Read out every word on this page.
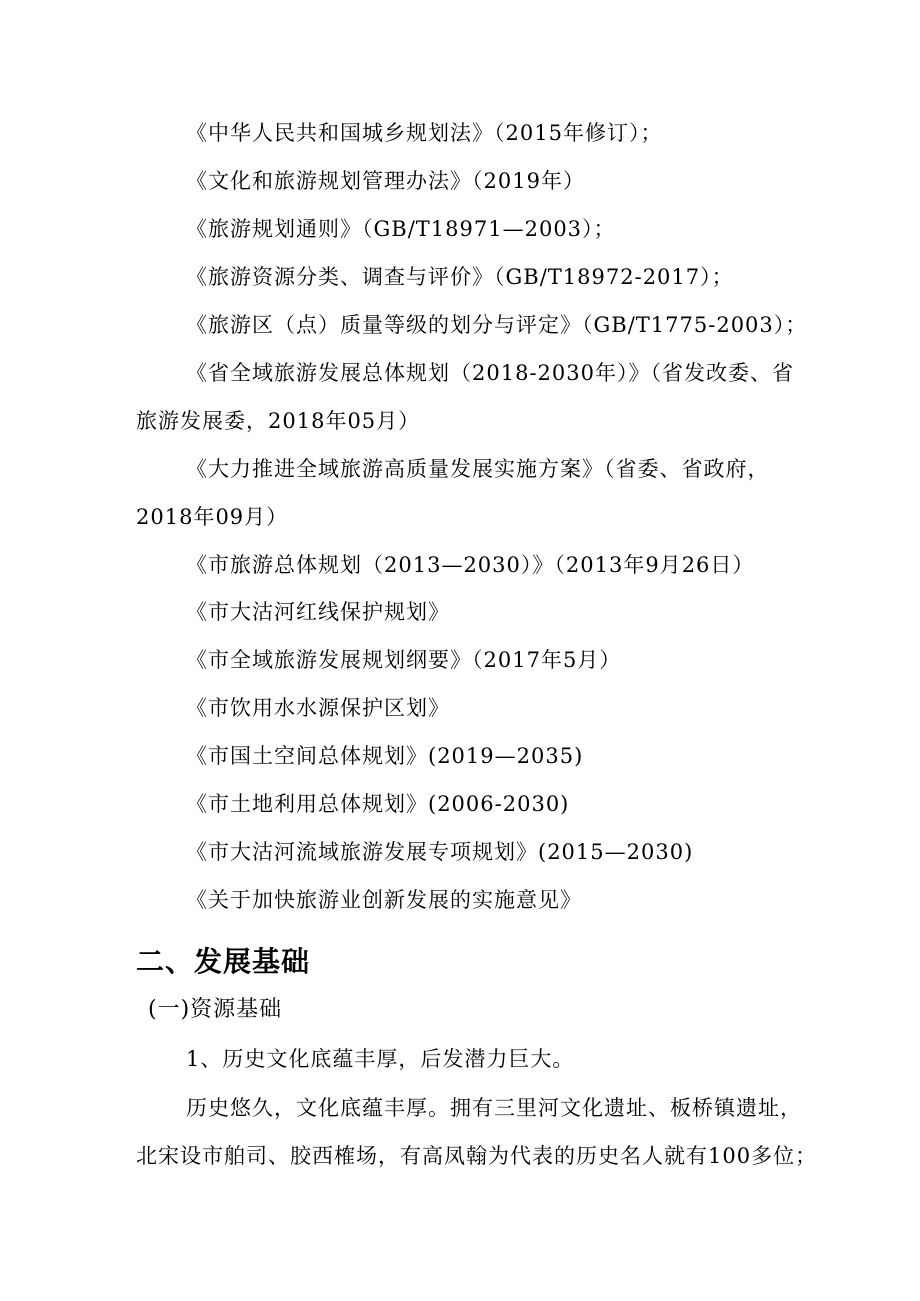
《中华人民共和国城乡规划法》（2015年修订）；
《文化和旅游规划管理办法》（2019年）
《旅游规划通则》（GB/T18971—2003）；
《旅游资源分类、调查与评价》（GB/T18972-2017）；
《旅游区（点）质量等级的划分与评定》（GB/T1775-2003）；
《省全域旅游发展总体规划（2018-2030年）》（省发改委、省
旅游发展委，2018年05月）
《大力推进全域旅游高质量发展实施方案》（省委、省政府，
2018年09月）
《市旅游总体规划（2013—2030）》（2013年9月26日）
《市大沽河红线保护规划》
《市全域旅游发展规划纲要》（2017年5月）
《市饮用水水源保护区划》
《市国土空间总体规划》(2019—2035)
《市土地利用总体规划》(2006-2030)
《市大沽河流域旅游发展专项规划》(2015—2030)
《关于加快旅游业创新发展的实施意见》
二、发展基础
(一)资源基础
1、历史文化底蕴丰厚，后发潜力巨大。
历史悠久，文化底蕴丰厚。拥有三里河文化遗址、板桥镇遗址，
北宋设市舶司、胶西榷场，有高凤翰为代表的历史名人就有100多位；
